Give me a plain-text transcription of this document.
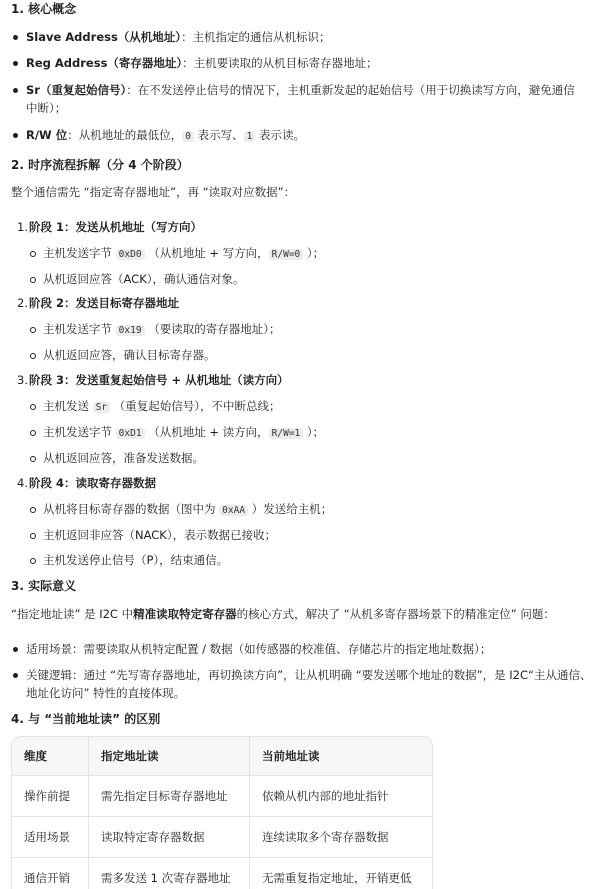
1. 核心概念
Slave Address（从机地址）：主机指定的通信从机标识；
Reg Address（寄存器地址）：主机要读取的从机目标寄存器地址；
Sr（重复起始信号）：在不发送停止信号的情况下，主机重新发起的起始信号（用于切换读写方向，避免通信
中断）；
R/W 位：从机地址的最低位， 0 表示写、 1 表示读。
2. 时序流程拆解（分 4 个阶段）
整个通信需先 “指定寄存器地址”，再 “读取对应数据”：
1. 阶段 1：发送从机地址（写方向）
主机发送字节 0xD0 （从机地址 + 写方向， R/W=0 ）；
从机返回应答（ACK），确认通信对象。
2. 阶段 2：发送目标寄存器地址
主机发送字节 0x19 （要读取的寄存器地址）；
从机返回应答，确认目标寄存器。
3. 阶段 3：发送重复起始信号 + 从机地址（读方向）
主机发送 Sr （重复起始信号），不中断总线；
主机发送字节 0xD1 （从机地址 + 读方向， R/W=1 ）；
从机返回应答，准备发送数据。
4. 阶段 4：读取寄存器数据
从机将目标寄存器的数据（图中为 0xAA ）发送给主机；
主机返回非应答（NACK），表示数据已接收；
主机发送停止信号（P），结束通信。
3. 实际意义
“指定地址读” 是 I2C 中精准读取特定寄存器的核心方式，解决了 “从机多寄存器场景下的精准定位” 问题：
适用场景：需要读取从机特定配置 / 数据（如传感器的校准值、存储芯片的指定地址数据）；
关键逻辑：通过 “先写寄存器地址，再切换读方向”，让从机明确 “要发送哪个地址的数据”，是 I2C“主从通信、
地址化访问” 特性的直接体现。
4. 与 “当前地址读” 的区别
维度	指定地址读	当前地址读
操作前提	需先指定目标寄存器地址	依赖从机内部的地址指针
适用场景	读取特定寄存器数据	连续读取多个寄存器数据
通信开销	需多发送 1 次寄存器地址	无需重复指定地址，开销更低
